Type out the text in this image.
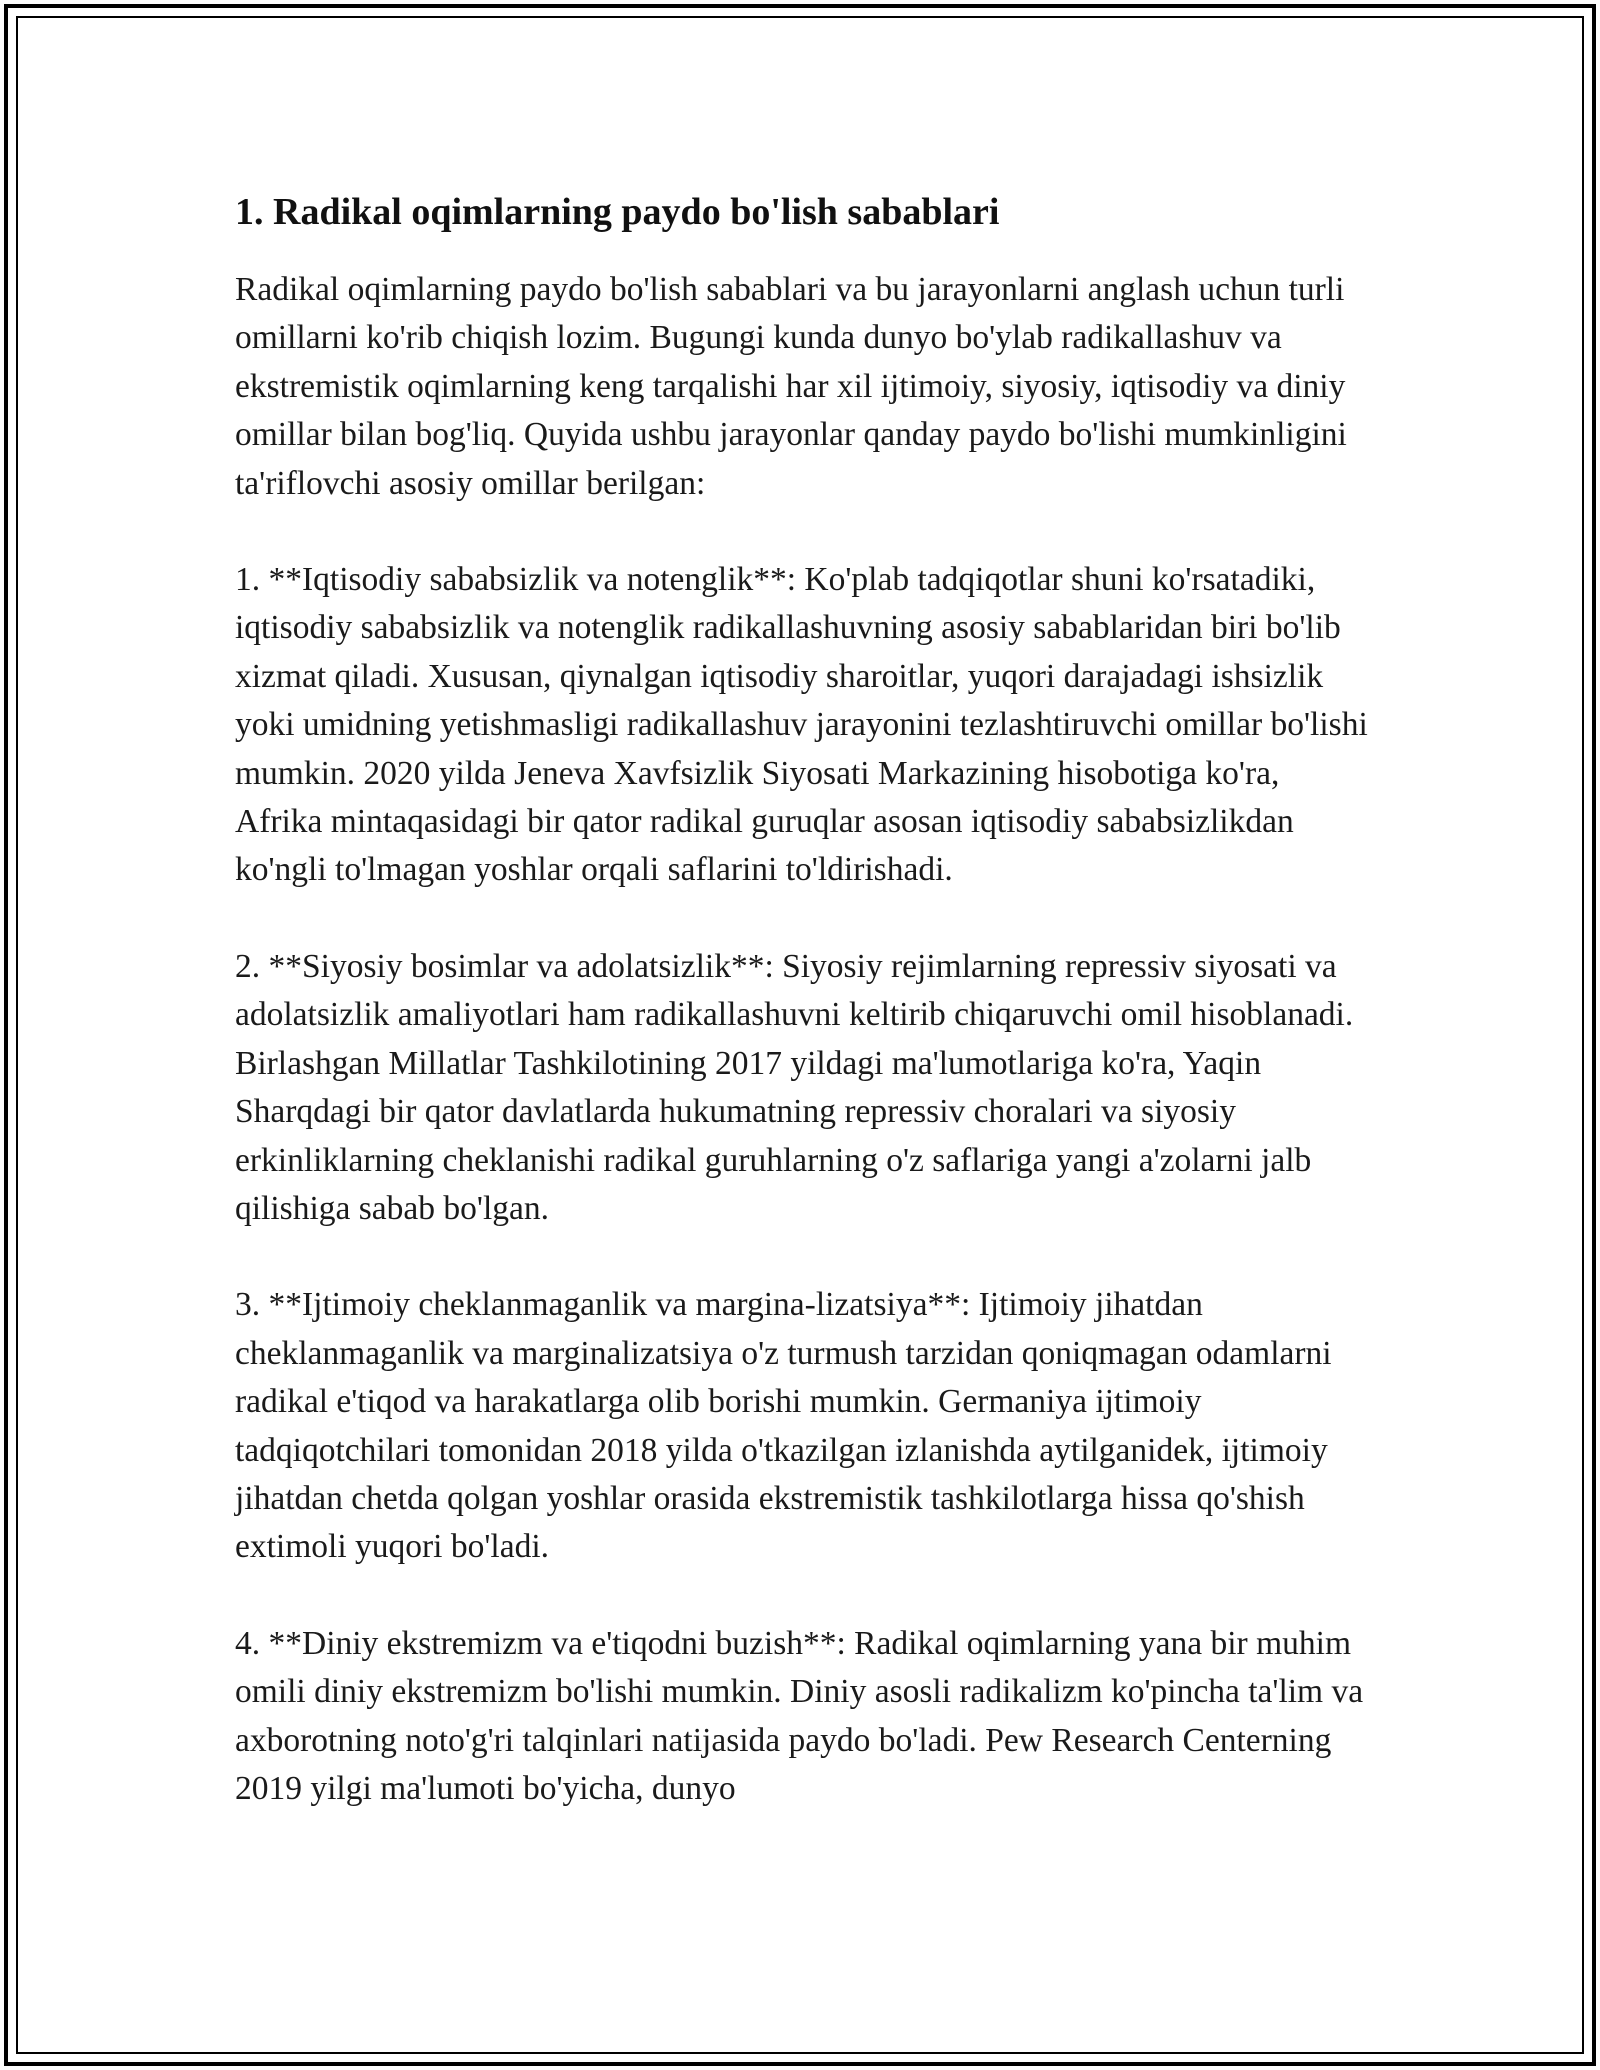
1. Radikal oqimlarning paydo bo'lish sabablari

Radikal oqimlarning paydo bo'lish sabablari va bu jarayonlarni anglash uchun turli omillarni ko'rib chiqish lozim. Bugungi kunda dunyo bo'ylab radikallashuv va ekstremistik oqimlarning keng tarqalishi har xil ijtimoiy, siyosiy, iqtisodiy va diniy omillar bilan bog'liq. Quyida ushbu jarayonlar qanday paydo bo'lishi mumkinligini ta'riflovchi asosiy omillar berilgan:

1. **Iqtisodiy sababsizlik va notenglik**: Ko'plab tadqiqotlar shuni ko'rsatadiki, iqtisodiy sababsizlik va notenglik radikallashuvning asosiy sabablaridan biri bo'lib xizmat qiladi. Xususan, qiynalgan iqtisodiy sharoitlar, yuqori darajadagi ishsizlik yoki umidning yetishmasligi radikallashuv jarayonini tezlashtiruvchi omillar bo'lishi mumkin. 2020 yilda Jeneva Xavfsizlik Siyosati Markazining hisobotiga ko'ra, Afrika mintaqasidagi bir qator radikal guruqlar asosan iqtisodiy sababsizlikdan ko'ngli to'lmagan yoshlar orqali saflarini to'ldirishadi.

2. **Siyosiy bosimlar va adolatsizlik**: Siyosiy rejimlarning repressiv siyosati va adolatsizlik amaliyotlari ham radikallashuvni keltirib chiqaruvchi omil hisoblanadi. Birlashgan Millatlar Tashkilotining 2017 yildagi ma'lumotlariga ko'ra, Yaqin Sharqdagi bir qator davlatlarda hukumatning repressiv choralari va siyosiy erkinliklarning cheklanishi radikal guruhlarning o'z saflariga yangi a'zolarni jalb qilishiga sabab bo'lgan.

3. **Ijtimoiy cheklanmaganlik va margina-lizatsiya**: Ijtimoiy jihatdan cheklanmaganlik va marginalizatsiya o'z turmush tarzidan qoniqmagan odamlarni radikal e'tiqod va harakatlarga olib borishi mumkin. Germaniya ijtimoiy tadqiqotchilari tomonidan 2018 yilda o'tkazilgan izlanishda aytilganidek, ijtimoiy jihatdan chetda qolgan yoshlar orasida ekstremistik tashkilotlarga hissa qo'shish extimoli yuqori bo'ladi.

4. **Diniy ekstremizm va e'tiqodni buzish**: Radikal oqimlarning yana bir muhim omili diniy ekstremizm bo'lishi mumkin. Diniy asosli radikalizm ko'pincha ta'lim va axborotning noto'g'ri talqinlari natijasida paydo bo'ladi. Pew Research Centerning 2019 yilgi ma'lumoti bo'yicha, dunyo
